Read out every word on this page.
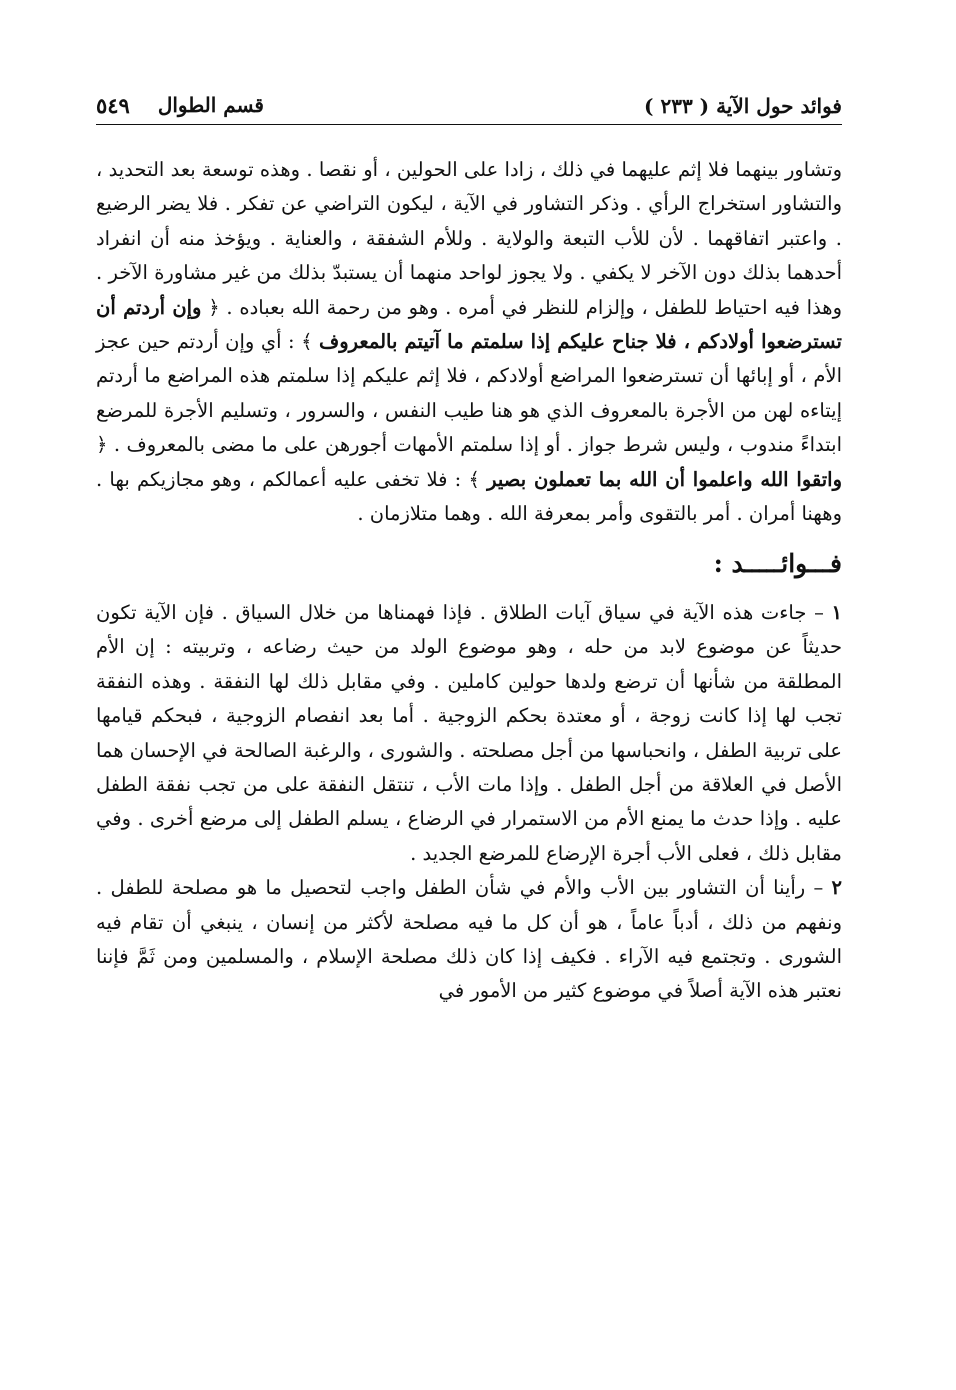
فوائد حول الآية ( ٢٣٣ )
قسم الطوال
٥٤٩

وتشاور بينهما فلا إثم عليهما في ذلك ، زادا على الحولين ، أو نقصا . وهذه توسعة بعد التحديد ، والتشاور استخراج الرأي . وذكر التشاور في الآية ، ليكون التراضي عن تفكر . فلا يضر الرضيع . واعتبر اتفاقهما . لأن للأب التبعة والولاية . وللأم الشفقة ، والعناية . ويؤخذ منه أن انفراد أحدهما بذلك دون الآخر لا يكفي . ولا يجوز لواحد منهما أن يستبدّ بذلك من غير مشاورة الآخر . وهذا فيه احتياط للطفل ، وإلزام للنظر في أمره . وهو من رحمة الله بعباده . ﴿ وإن أردتم أن تسترضعوا أولادكم ، فلا جناح عليكم إذا سلمتم ما آتيتم بالمعروف ﴾ : أي وإن أردتم حين عجز الأم ، أو إبائها أن تسترضعوا المراضع أولادكم ، فلا إثم عليكم إذا سلمتم هذه المراضع ما أردتم إيتاءه لهن من الأجرة بالمعروف الذي هو هنا طيب النفس ، والسرور ، وتسليم الأجرة للمرضع ابتداءً مندوب ، وليس شرط جواز . أو إذا سلمتم الأمهات أجورهن على ما مضى بالمعروف . ﴿ واتقوا الله واعلموا أن الله بما تعملون بصير ﴾ : فلا تخفى عليه أعمالكم ، وهو مجازيكم بها . وههنا أمران . أمر بالتقوى وأمر بمعرفة الله . وهما متلازمان .

فـــوائـــــد :

١ – جاءت هذه الآية في سياق آيات الطلاق . فإذا فهمناها من خلال السياق . فإن الآية تكون حديثاً عن موضوع لابد من حله ، وهو موضوع الولد من حيث رضاعه ، وتربيته : إن الأم المطلقة من شأنها أن ترضع ولدها حولين كاملين . وفي مقابل ذلك لها النفقة . وهذه النفقة تجب لها إذا كانت زوجة ، أو معتدة بحكم الزوجية . أما بعد انفصام الزوجية ، فبحكم قيامها على تربية الطفل ، وانحباسها من أجل مصلحته . والشورى ، والرغبة الصالحة في الإحسان هما الأصل في العلاقة من أجل الطفل . وإذا مات الأب ، تنتقل النفقة على من تجب نفقة الطفل عليه . وإذا حدث ما يمنع الأم من الاستمرار في الرضاع ، يسلم الطفل إلى مرضع أخرى . وفي مقابل ذلك ، فعلى الأب أجرة الإرضاع للمرضع الجديد .

٢ – رأينا أن التشاور بين الأب والأم في شأن الطفل واجب لتحصيل ما هو مصلحة للطفل . ونفهم من ذلك ، أدباً عاماً ، هو أن كل ما فيه مصلحة لأكثر من إنسان ، ينبغي أن تقام فيه الشورى . وتجتمع فيه الآراء . فكيف إذا كان ذلك مصلحة الإسلام ، والمسلمين ومن ثَمَّ فإننا نعتبر هذه الآية أصلاً في موضوع كثير من الأمور في
